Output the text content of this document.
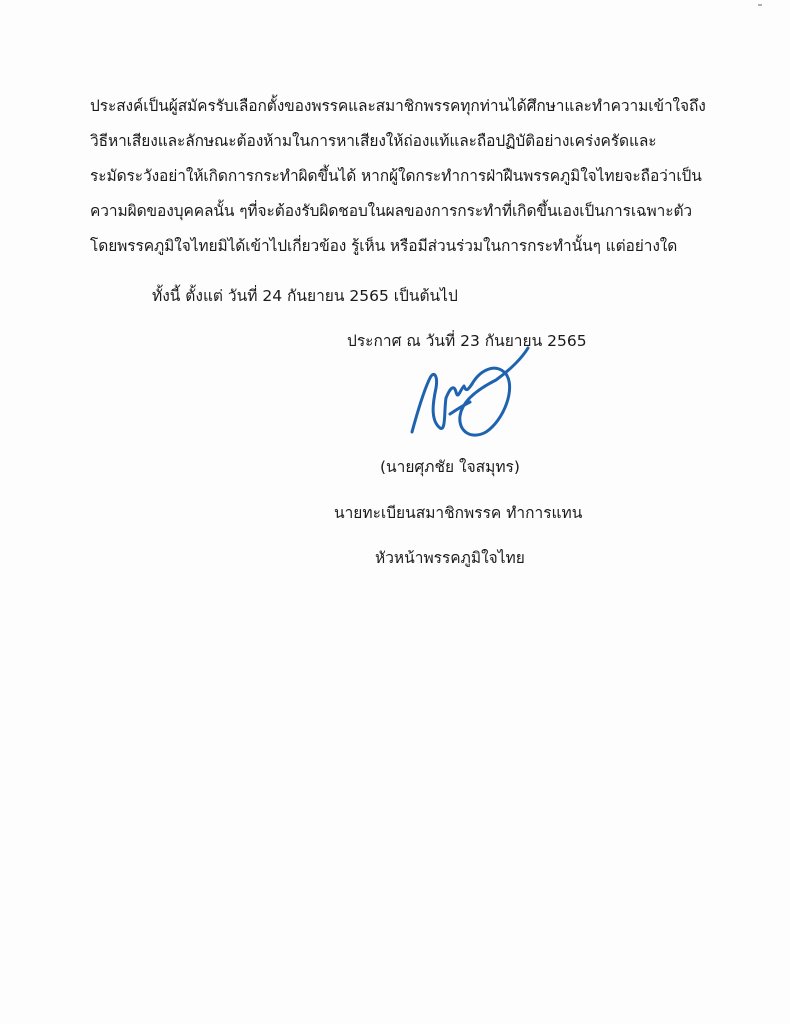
ประสงค์เป็นผู้สมัครรับเลือกตั้งของพรรคและสมาชิกพรรคทุกท่านได้ศึกษาและทำความเข้าใจถึง
วิธีหาเสียงและลักษณะต้องห้ามในการหาเสียงให้ถ่องแท้และถือปฏิบัติอย่างเคร่งครัดและ
ระมัดระวังอย่าให้เกิดการกระทำผิดขึ้นได้ หากผู้ใดกระทำการฝ่าฝืนพรรคภูมิใจไทยจะถือว่าเป็น
ความผิดของบุคคลนั้น ๆที่จะต้องรับผิดชอบในผลของการกระทำที่เกิดขึ้นเองเป็นการเฉพาะตัว
โดยพรรคภูมิใจไทยมิได้เข้าไปเกี่ยวข้อง รู้เห็น หรือมีส่วนร่วมในการกระทำนั้นๆ แต่อย่างใด
ทั้งนี้ ตั้งแต่ วันที่ 24 กันยายน 2565 เป็นต้นไป
ประกาศ ณ วันที่ 23 กันยายน 2565
(นายศุภชัย ใจสมุทร)
นายทะเบียนสมาชิกพรรค ทำการแทน
หัวหน้าพรรคภูมิใจไทย
